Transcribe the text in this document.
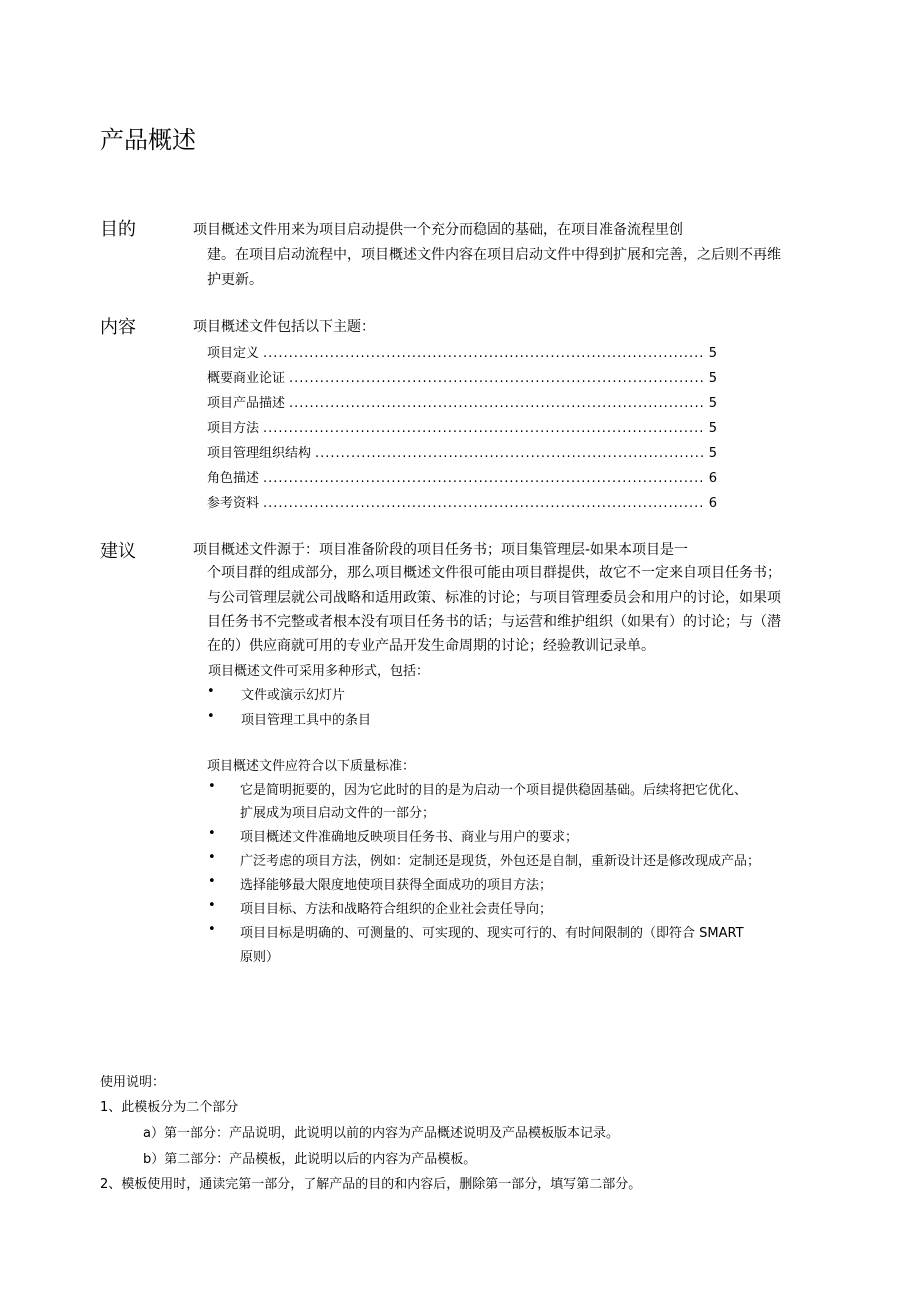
产品概述
目的	项目概述文件用来为项目启动提供一个充分而稳固的基础，在项目准备流程里创
建。在项目启动流程中，项目概述文件内容在项目启动文件中得到扩展和完善，之后则不再维
护更新。
内容	项目概述文件包括以下主题：
项目定义 .....	5
概要商业论证 .....	5
项目产品描述 .....	5
项目方法 .....	5
项目管理组织结构 .....	5
角色描述 .....	6
参考资料 .....	6
建议	项目概述文件源于：项目准备阶段的项目任务书；项目集管理层-如果本项目是一
个项目群的组成部分，那么项目概述文件很可能由项目群提供，故它不一定来自项目任务书；
与公司管理层就公司战略和适用政策、标准的讨论；与项目管理委员会和用户的讨论，如果项
目任务书不完整或者根本没有项目任务书的话；与运营和维护组织（如果有）的讨论；与（潜
在的）供应商就可用的专业产品开发生命周期的讨论；经验教训记录单。
项目概述文件可采用多种形式，包括：
• 文件或演示幻灯片
• 项目管理工具中的条目
项目概述文件应符合以下质量标准：
• 它是简明扼要的，因为它此时的目的是为启动一个项目提供稳固基础。后续将把它优化、
扩展成为项目启动文件的一部分；
• 项目概述文件准确地反映项目任务书、商业与用户的要求；
• 广泛考虑的项目方法，例如：定制还是现货，外包还是自制，重新设计还是修改现成产品；
• 选择能够最大限度地使项目获得全面成功的项目方法；
• 项目目标、方法和战略符合组织的企业社会责任导向；
• 项目目标是明确的、可测量的、可实现的、现实可行的、有时间限制的（即符合 SMART
原则）
使用说明：
1、此模板分为二个部分
a）第一部分：产品说明，此说明以前的内容为产品概述说明及产品模板版本记录。
b）第二部分：产品模板，此说明以后的内容为产品模板。
2、模板使用时，通读完第一部分，了解产品的目的和内容后，删除第一部分，填写第二部分。
